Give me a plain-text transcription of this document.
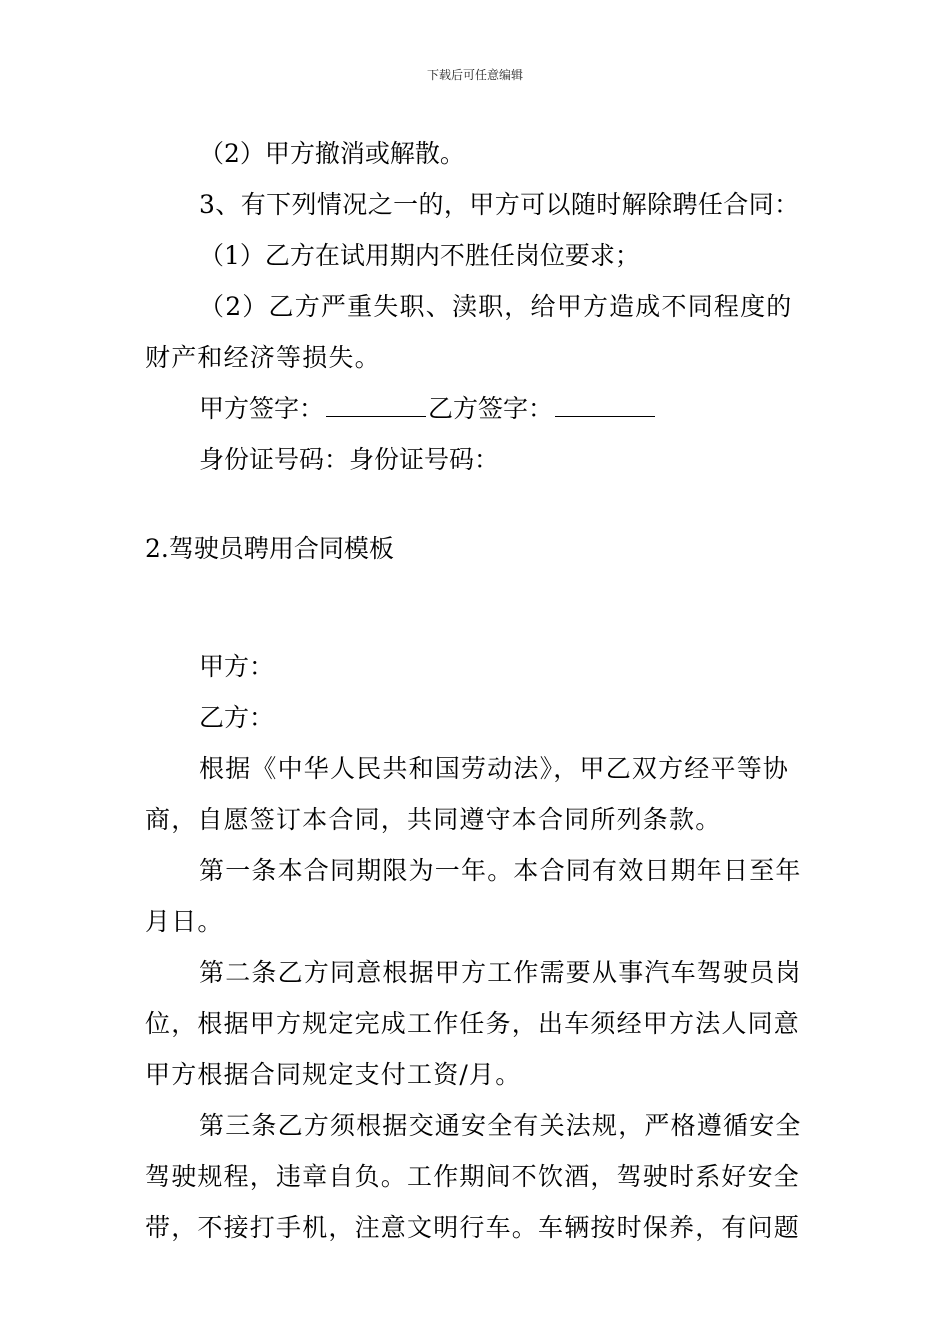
下载后可任意编辑

（2）甲方撤消或解散。

3、有下列情况之一的，甲方可以随时解除聘任合同：

（1）乙方在试用期内不胜任岗位要求；

（2）乙方严重失职、渎职，给甲方造成不同程度的财产和经济等损失。

甲方签字：	乙方签字：

身份证号码：身份证号码：

2.驾驶员聘用合同模板

甲方：

乙方：

根据《中华人民共和国劳动法》，甲乙双方经平等协商，自愿签订本合同，共同遵守本合同所列条款。

第一条本合同期限为一年。本合同有效日期年日至年月日。

第二条乙方同意根据甲方工作需要从事汽车驾驶员岗位，根据甲方规定完成工作任务，出车须经甲方法人同意甲方根据合同规定支付工资/月。

第三条乙方须根据交通安全有关法规，严格遵循安全驾驶规程，违章自负。工作期间不饮酒，驾驶时系好安全带，不接打手机，注意文明行车。车辆按时保养，有问题
